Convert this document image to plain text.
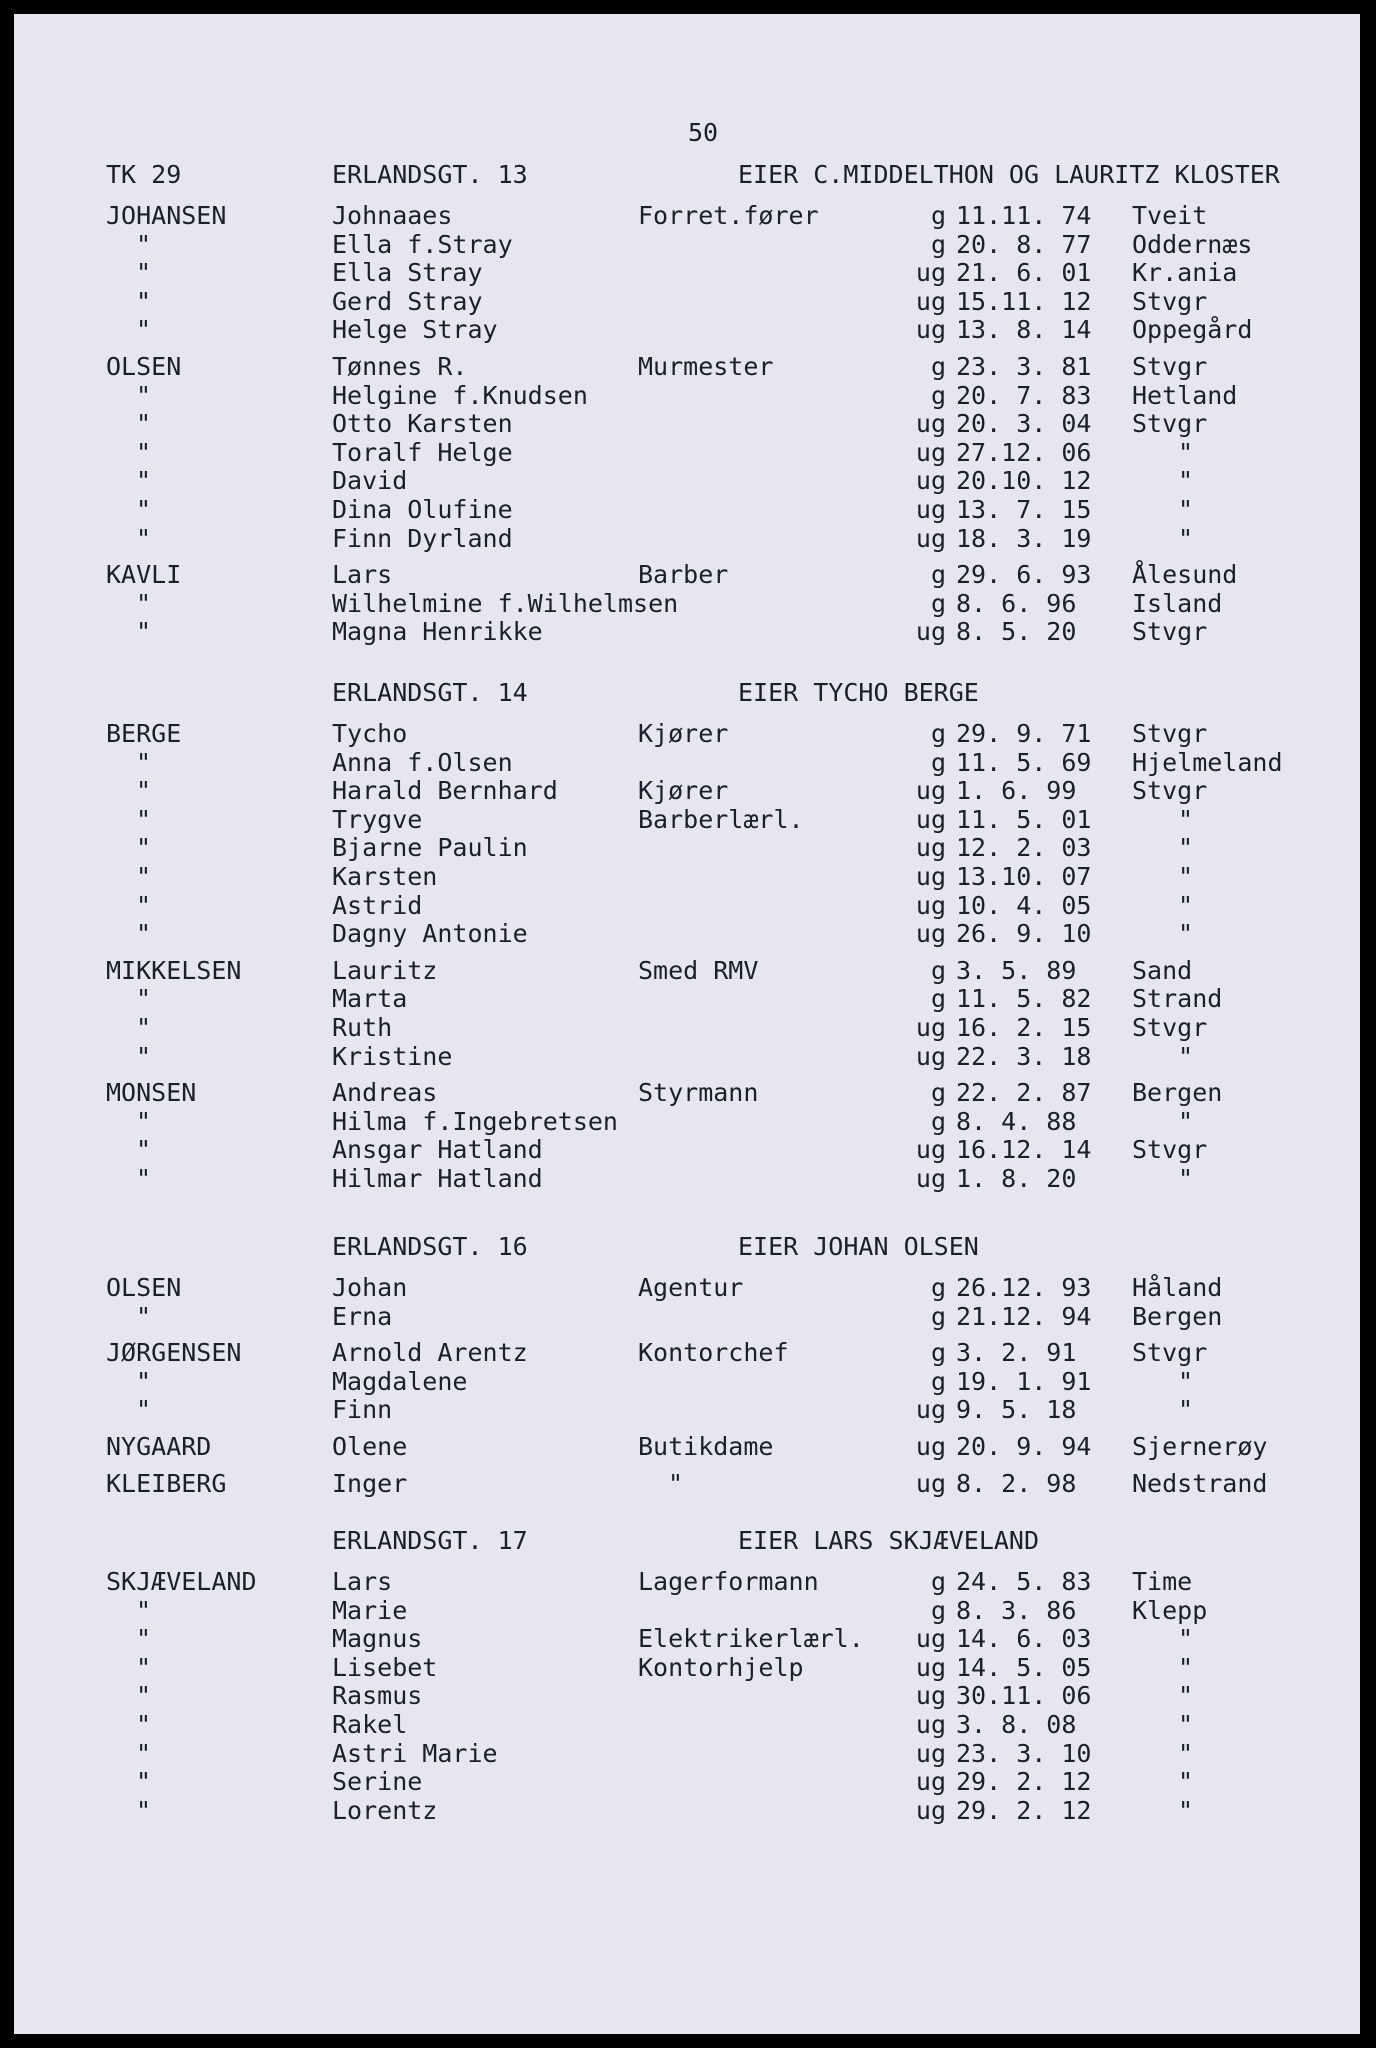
50
TK 29	ERLANDSGT. 13	EIER C.MIDDELTHON OG LAURITZ KLOSTER
JOHANSEN	Johnaaes	Forret.fører	g 11.11. 74 Tveit
"	Ella f.Stray	g 20. 8. 77 Oddernæs
"	Ella Stray	ug 21. 6. 01 Kr.ania
"	Gerd Stray	ug 15.11. 12 Stvgr
"	Helge Stray	ug 13. 8. 14 Oppegård
OLSEN	Tønnes R.	Murmester	g 23. 3. 81 Stvgr
"	Helgine f.Knudsen	g 20. 7. 83 Hetland
"	Otto Karsten	ug 20. 3. 04 Stvgr
"	Toralf Helge	ug 27.12. 06	"
"	David	ug 20.10. 12	"
"	Dina Olufine	ug 13. 7. 15	"
"	Finn Dyrland	ug 18. 3. 19	"
KAVLI	Lars	Barber	g 29. 6. 93 Ålesund
"	Wilhelmine f.Wilhelmsen	g 8. 6. 96 Island
"	Magna Henrikke	ug 8. 5. 20 Stvgr
ERLANDSGT. 14	EIER TYCHO BERGE
BERGE	Tycho	Kjører	g 29. 9. 71 Stvgr
"	Anna f.Olsen	g 11. 5. 69 Hjelmeland
"	Harald Bernhard	Kjører	ug 1. 6. 99 Stvgr
"	Trygve	Barberlærl.	ug 11. 5. 01	"
"	Bjarne Paulin	ug 12. 2. 03	"
"	Karsten	ug 13.10. 07	"
"	Astrid	ug 10. 4. 05	"
"	Dagny Antonie	ug 26. 9. 10	"
MIKKELSEN	Lauritz	Smed RMV	g 3. 5. 89 Sand
"	Marta	g 11. 5. 82 Strand
"	Ruth	ug 16. 2. 15 Stvgr
"	Kristine	ug 22. 3. 18	"
MONSEN	Andreas	Styrmann	g 22. 2. 87 Bergen
"	Hilma f.Ingebretsen	g 8. 4. 88	"
"	Ansgar Hatland	ug 16.12. 14 Stvgr
"	Hilmar Hatland	ug 1. 8. 20	"
ERLANDSGT. 16	EIER JOHAN OLSEN
OLSEN	Johan	Agentur	g 26.12. 93 Håland
"	Erna	g 21.12. 94 Bergen
JØRGENSEN	Arnold Arentz	Kontorchef	g 3. 2. 91 Stvgr
"	Magdalene	g 19. 1. 91	"
"	Finn	ug 9. 5. 18	"
NYGAARD	Olene	Butikdame	ug 20. 9. 94 Sjernerøy
KLEIBERG	Inger	"	ug 8. 2. 98 Nedstrand
ERLANDSGT. 17	EIER LARS SKJÆVELAND
SKJÆVELAND	Lars	Lagerformann	g 24. 5. 83 Time
"	Marie	g 8. 3. 86 Klepp
"	Magnus	Elektrikerlærl.	ug 14. 6. 03	"
"	Lisebet	Kontorhjelp	ug 14. 5. 05	"
"	Rasmus	ug 30.11. 06	"
"	Rakel	ug 3. 8. 08	"
"	Astri Marie	ug 23. 3. 10	"
"	Serine	ug 29. 2. 12	"
"	Lorentz	ug 29. 2. 12	"
